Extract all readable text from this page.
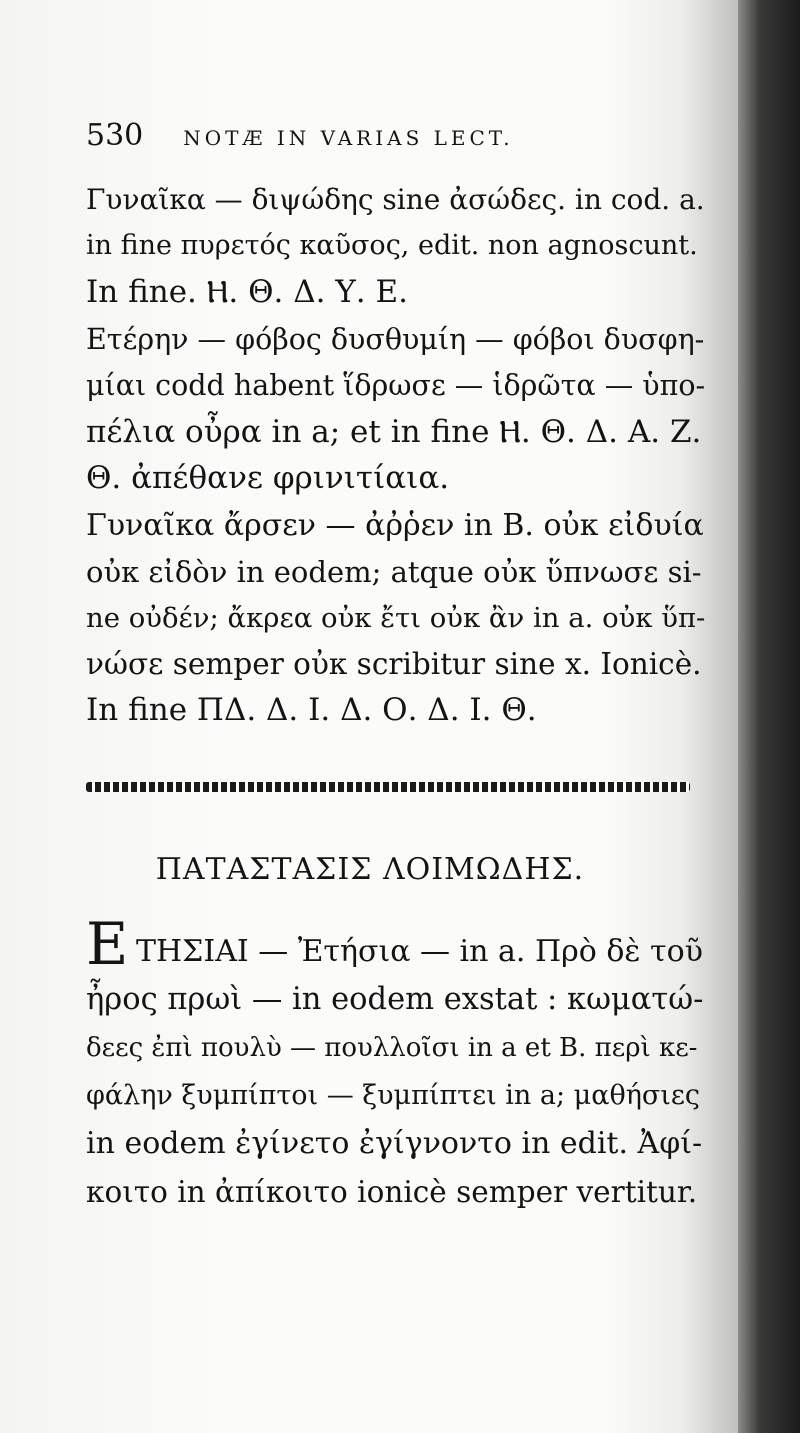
530 NOTÆ IN VARIAS LECT.
Γυναῖκα — διψώδης sine ἀσώδες. in cod. a.
in fine πυρετός καῦσος, edit. non agnoscunt.
In fine. Ⲏ. Θ. Δ. Υ. Ε.
Ετέρην — φόβος δυσθυμίη — φόβοι δυσφη-
μίαι codd habent ἵδρωσε — ἱδρῶτα — ὑπο-
πέλια οὖρα in a; et in fine Ⲏ. Θ. Δ. Α. Ζ.
Θ. ἀπέθανε φρινιτίαια.
Γυναῖκα ἄρσεν — ἀῤῥεν in B. οὐκ εἰδυία
οὐκ εἰδὸν in eodem; atque οὐκ ὕπνωσε si-
ne οὐδέν; ἄκρεα οὐκ ἔτι οὐκ ἂν in a. οὐκ ὕπ-
νώσε semper οὐκ scribitur sine x. Ionicè.
In fine ΠΔ. Δ. Ι. Δ. Ο. Δ. Ι. Θ.
ΠΑΤΑΣΤΑΣΙΣ ΛΟΙΜΩΔΗΣ.
E ΤΗΣΙΑΙ — Ἐτήσια — in a. Πρὸ δὲ τοῦ
ἦρος πρωὶ — in eodem exstat : κωματώ-
δεες ἐπὶ πουλὺ — πουλλοῖσι in a et B. περὶ κε-
φάλην ξυμπίπτοι — ξυμπίπτει in a; μαθήσιες
in eodem ἐγίνετο ἐγίγνοντο in edit. Ἀφί-
κοιτο in ἀπίκοιτο ionicè semper vertitur.
